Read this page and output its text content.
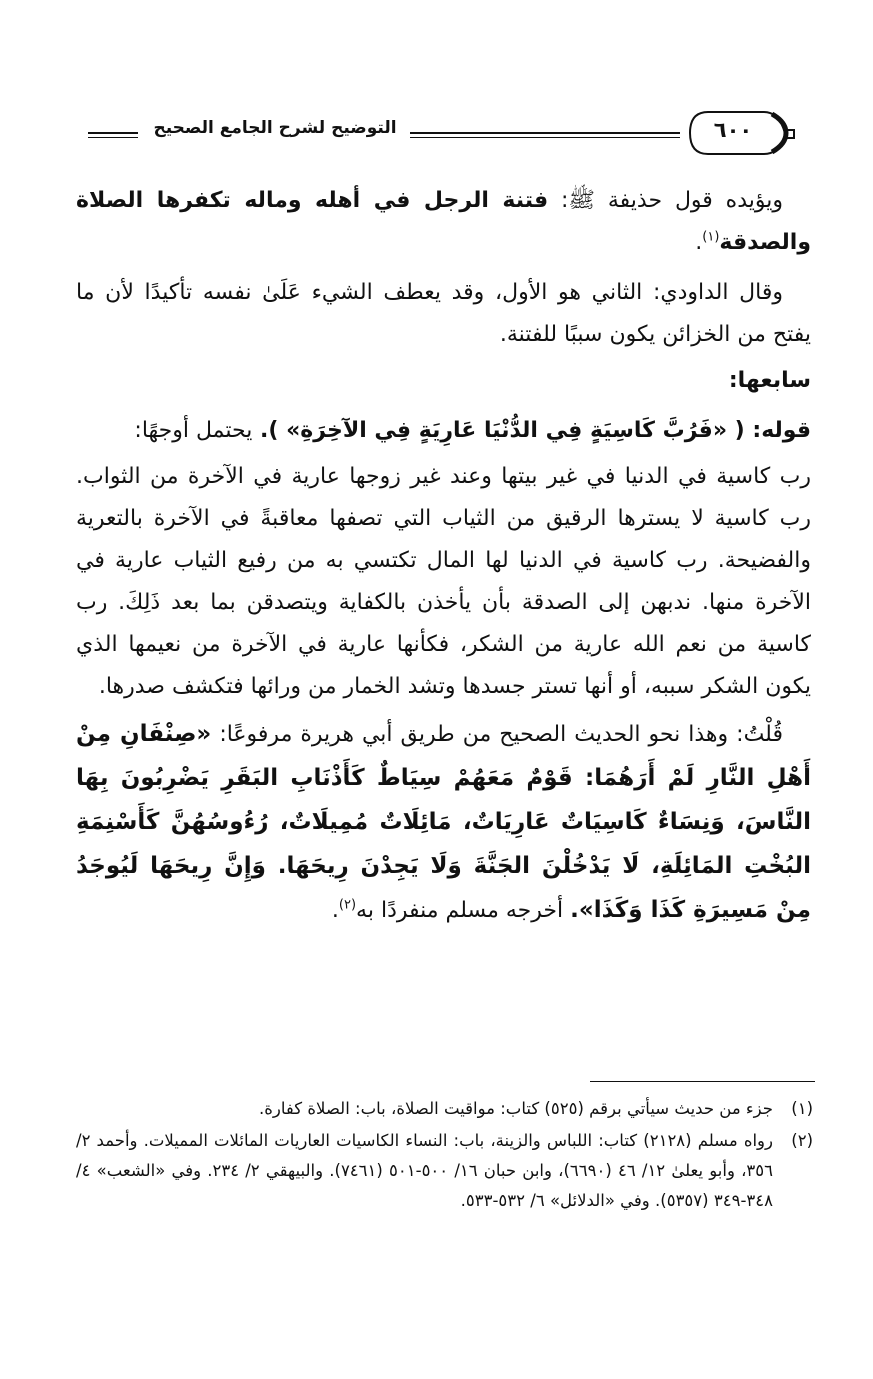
التوضيح لشرح الجامع الصحيح	٦٠٠

ويؤيده قول حذيفة ﷺ: فتنة الرجل في أهله وماله تكفرها الصلاة والصدقة$^{(١)}$.

وقال الداودي: الثاني هو الأول، وقد يعطف الشيء عَلَىٰ نفسه تأكيدًا لأن ما يفتح من الخزائن يكون سببًا للفتنة.

سابعها:

قوله: ( «فَرُبَّ كَاسِيَةٍ فِي الدُّنْيَا عَارِيَةٍ فِي الآخِرَةِ» ). يحتمل أوجهًا:

رب كاسية في الدنيا في غير بيتها وعند غير زوجها عارية في الآخرة من الثواب. رب كاسية لا يسترها الرقيق من الثياب التي تصفها معاقبةً في الآخرة بالتعرية والفضيحة. رب كاسية في الدنيا لها المال تكتسي به من رفيع الثياب عارية في الآخرة منها. ندبهن إلى الصدقة بأن يأخذن بالكفاية ويتصدقن بما بعد ذَلِكَ. رب كاسية من نعم الله عارية من الشكر، فكأنها عارية في الآخرة من نعيمها الذي يكون الشكر سببه، أو أنها تستر جسدها وتشد الخمار من ورائها فتكشف صدرها.

قُلْتُ: وهذا نحو الحديث الصحيح من طريق أبي هريرة مرفوعًا: «صِنْفَانِ مِنْ أَهْلِ النَّارِ لَمْ أَرَهُمَا: قَوْمٌ مَعَهُمْ سِيَاطٌ كَأَذْنَابِ البَقَرِ يَضْرِبُونَ بِهَا النَّاسَ، وَنِسَاءٌ كَاسِيَاتٌ عَارِيَاتٌ، مَائِلَاتٌ مُمِيلَاتٌ، رُءُوسُهُنَّ كَأَسْنِمَةِ البُخْتِ المَائِلَةِ، لَا يَدْخُلْنَ الجَنَّةَ وَلَا يَجِدْنَ رِيحَهَا. وَإِنَّ رِيحَهَا لَيُوجَدُ مِنْ مَسِيرَةِ كَذَا وَكَذَا». أخرجه مسلم منفردًا به$^{(٢)}$.

(١)
جزء من حديث سيأتي برقم (٥٢٥) كتاب: مواقيت الصلاة، باب: الصلاة كفارة.
(٢)
رواه مسلم (٢١٢٨) كتاب: اللباس والزينة، باب: النساء الكاسيات العاريات المائلات المميلات. وأحمد ٢/ ٣٥٦، وأبو يعلىٰ ١٢/ ٤٦ (٦٦٩٠)، وابن حبان ١٦/ ٥٠٠-٥٠١ (٧٤٦١). والبيهقي ٢/ ٢٣٤. وفي «الشعب» ٤/ ٣٤٨-٣٤٩ (٥٣٥٧). وفي «الدلائل» ٦/ ٥٣٢-٥٣٣.
